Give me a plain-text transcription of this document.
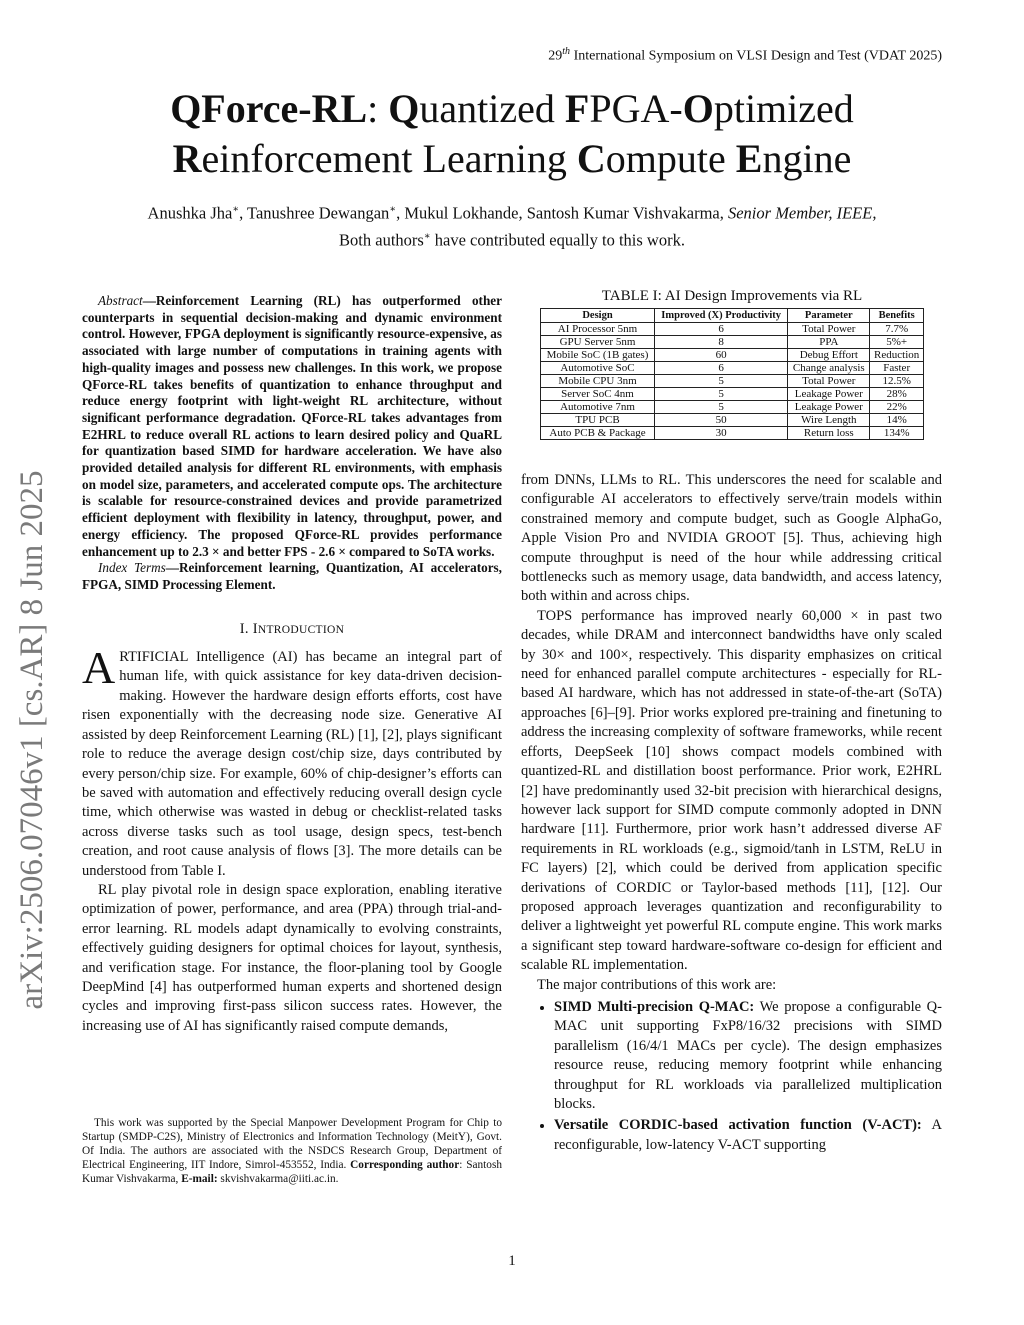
29th International Symposium on VLSI Design and Test (VDAT 2025)
QForce-RL: Quantized FPGA-Optimized
Reinforcement Learning Compute Engine
Anushka Jha∗, Tanushree Dewangan∗, Mukul Lokhande, Santosh Kumar Vishvakarma, Senior Member, IEEE,
Both authors∗ have contributed equally to this work.
arXiv:2506.07046v1 [cs.AR] 8 Jun 2025

Abstract—Reinforcement Learning (RL) has outperformed other counterparts in sequential decision-making and dynamic environment control. However, FPGA deployment is significantly resource-expensive, as associated with large number of computations in training agents with high-quality images and possess new challenges. In this work, we propose QForce-RL takes benefits of quantization to enhance throughput and reduce energy footprint with light-weight RL architecture, without significant performance degradation. QForce-RL takes advantages from E2HRL to reduce overall RL actions to learn desired policy and QuaRL for quantization based SIMD for hardware acceleration. We have also provided detailed analysis for different RL environments, with emphasis on model size, parameters, and accelerated compute ops. The architecture is scalable for resource-constrained devices and provide parametrized efficient deployment with flexibility in latency, throughput, power, and energy efficiency. The proposed QForce-RL provides performance enhancement up to 2.3 × and better FPS - 2.6 × compared to SoTA works.

Index Terms—Reinforcement learning, Quantization, AI accelerators, FPGA, SIMD Processing Element.

I. INTRODUCTION

ARTIFICIAL Intelligence (AI) has became an integral part of human life, with quick assistance for key data-driven decision-making. However the hardware design efforts efforts, cost have risen exponentially with the decreasing node size. Generative AI assisted by deep Reinforcement Learning (RL) [1], [2], plays significant role to reduce the average design cost/chip size, days contributed by every person/chip size. For example, 60% of chip-designer’s efforts can be saved with automation and effectively reducing overall design cycle time, which otherwise was wasted in debug or checklist-related tasks across diverse tasks such as tool usage, design specs, test-bench creation, and root cause analysis of flows [3]. The more details can be understood from Table I.

RL play pivotal role in design space exploration, enabling iterative optimization of power, performance, and area (PPA) through trial-and-error learning. RL models adapt dynamically to evolving constraints, effectively guiding designers for optimal choices for layout, synthesis, and verification stage. For instance, the floor-planing tool by Google DeepMind [4] has outperformed human experts and shortened design cycles and improving first-pass silicon success rates. However, the increasing use of AI has significantly raised compute demands,

This work was supported by the Special Manpower Development Program for Chip to Startup (SMDP-C2S), Ministry of Electronics and Information Technology (MeitY), Govt. Of India. The authors are associated with the NSDCS Research Group, Department of Electrical Engineering, IIT Indore, Simrol-453552, India. Corresponding author: Santosh Kumar Vishvakarma, E-mail: skvishvakarma@iiti.ac.in.
TABLE I: AI Design Improvements via RL
Design	Improved (X) Productivity	Parameter	Benefits
AI Processor 5nm	6	Total Power	7.7%
GPU Server 5nm	8	PPA	5%+
Mobile SoC (1B gates)	60	Debug Effort	Reduction
Automotive SoC	6	Change analysis	Faster
Mobile CPU 3nm	5	Total Power	12.5%
Server SoC 4nm	5	Leakage Power	28%
Automotive 7nm	5	Leakage Power	22%
TPU PCB	50	Wire Length	14%
Auto PCB & Package	30	Return loss	134%

from DNNs, LLMs to RL. This underscores the need for scalable and configurable AI accelerators to effectively serve/train models within constrained memory and compute budget, such as Google AlphaGo, Apple Vision Pro and NVIDIA GROOT [5]. Thus, achieving high compute throughput is need of the hour while addressing critical bottlenecks such as memory usage, data bandwidth, and access latency, both within and across chips.

TOPS performance has improved nearly 60,000 × in past two decades, while DRAM and interconnect bandwidths have only scaled by 30× and 100×, respectively. This disparity emphasizes on critical need for enhanced parallel compute architectures - especially for RL-based AI hardware, which has not addressed in state-of-the-art (SoTA) approaches [6]–[9]. Prior works explored pre-training and finetuning to address the increasing complexity of software frameworks, while recent efforts, DeepSeek [10] shows compact models combined with quantized-RL and distillation boost performance. Prior work, E2HRL [2] have predominantly used 32-bit precision with hierarchical designs, however lack support for SIMD compute commonly adopted in DNN hardware [11]. Furthermore, prior work hasn’t addressed diverse AF requirements in RL workloads (e.g., sigmoid/tanh in LSTM, ReLU in FC layers) [2], which could be derived from application specific derivations of CORDIC or Taylor-based methods [11], [12]. Our proposed approach leverages quantization and reconfigurability to deliver a lightweight yet powerful RL compute engine. This work marks a significant step toward hardware-software co-design for efficient and scalable RL implementation.

The major contributions of this work are:

• SIMD Multi-precision Q-MAC: We propose a configurable Q-MAC unit supporting FxP8/16/32 precisions with SIMD parallelism (16/4/1 MACs per cycle). The design emphasizes resource reuse, reducing memory footprint while enhancing throughput for RL workloads via parallelized multiplication blocks.
• Versatile CORDIC-based activation function (V-ACT): A reconfigurable, low-latency V-ACT supporting
1
